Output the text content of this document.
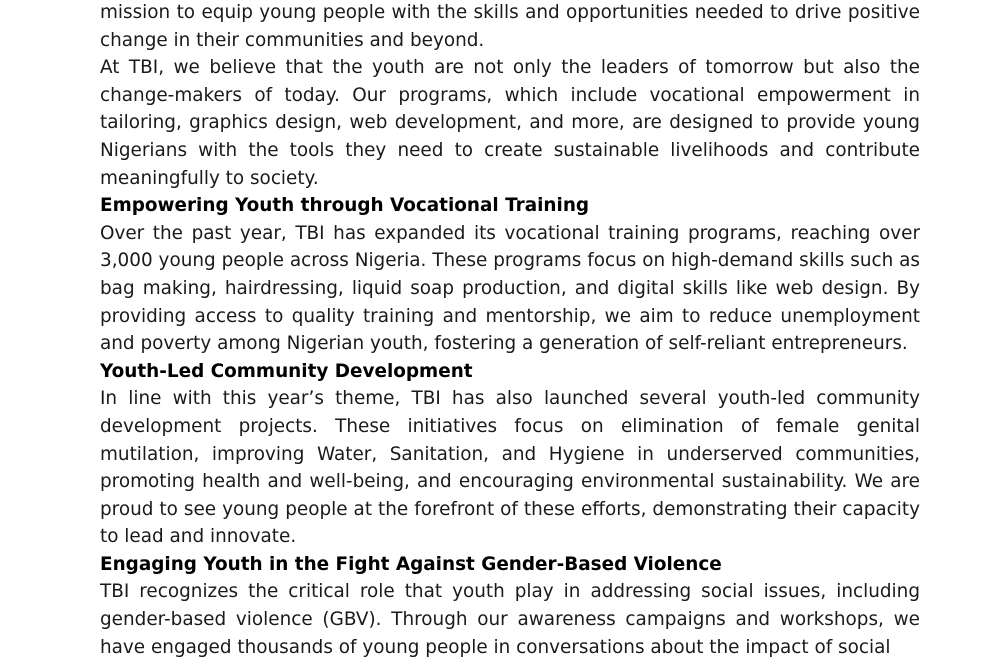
mission to equip young people with the skills and opportunities needed to drive positive change in their communities and beyond.

At TBI, we believe that the youth are not only the leaders of tomorrow but also the change-makers of today. Our programs, which include vocational empowerment in tailoring, graphics design, web development, and more, are designed to provide young Nigerians with the tools they need to create sustainable livelihoods and contribute meaningfully to society.

Empowering Youth through Vocational Training

Over the past year, TBI has expanded its vocational training programs, reaching over 3,000 young people across Nigeria. These programs focus on high-demand skills such as bag making, hairdressing, liquid soap production, and digital skills like web design. By providing access to quality training and mentorship, we aim to reduce unemployment and poverty among Nigerian youth, fostering a generation of self-reliant entrepreneurs.

Youth-Led Community Development

In line with this year’s theme, TBI has also launched several youth-led community development projects. These initiatives focus on elimination of female genital mutilation, improving Water, Sanitation, and Hygiene in underserved communities, promoting health and well-being, and encouraging environmental sustainability. We are proud to see young people at the forefront of these efforts, demonstrating their capacity to lead and innovate.

Engaging Youth in the Fight Against Gender-Based Violence

TBI recognizes the critical role that youth play in addressing social issues, including gender-based violence (GBV). Through our awareness campaigns and workshops, we have engaged thousands of young people in conversations about the impact of social
